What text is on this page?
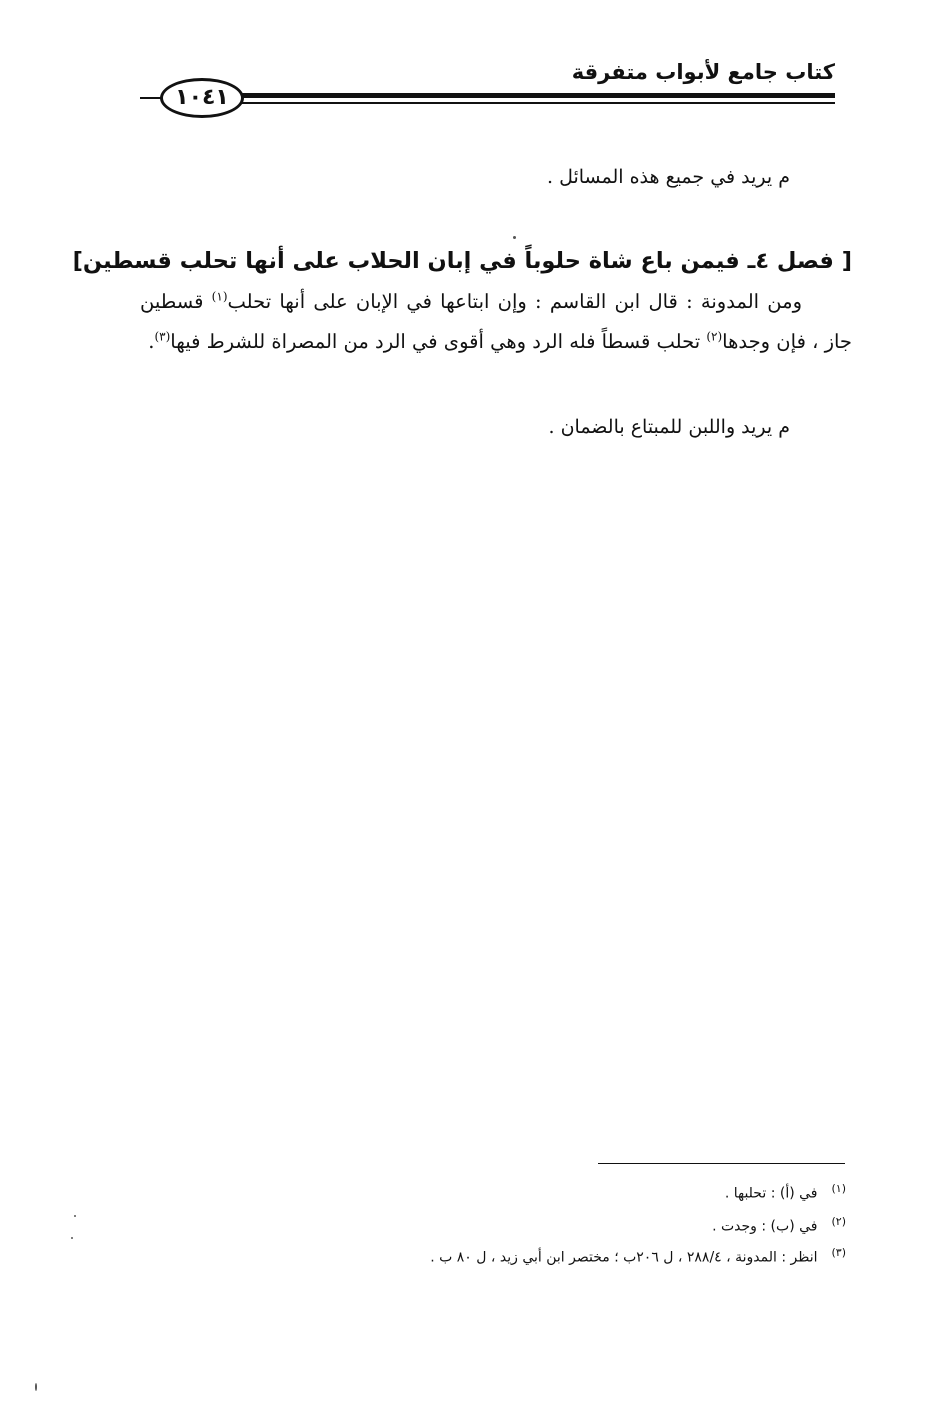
كتاب جامع لأبواب متفرقة
١٠٤١
م يريد في جميع هذه المسائل .
[ فصل ٤ـ فيمن باع شاة حلوباً في إبان الحلاب على أنها تحلب قسطين]
ومن المدونة : قال ابن القاسم : وإن ابتاعها في الإبان على أنها تحلب$^{(١)}$ قسطين جاز ، فإن وجدها$^{(٢)}$ تحلب قسطاً فله الرد وهي أقوى في الرد من المصراة للشرط فيها$^{(٣)}$.
م يريد واللبن للمبتاع بالضمان .
$^{(١)}$في (أ) : تحلبها .
$^{(٢)}$في (ب) : وجدت .
$^{(٣)}$انظر : المدونة ، ٢٨٨/٤ ، ل ٢٠٦ب ؛ مختصر ابن أبي زيد ، ل ٨٠ ب .
